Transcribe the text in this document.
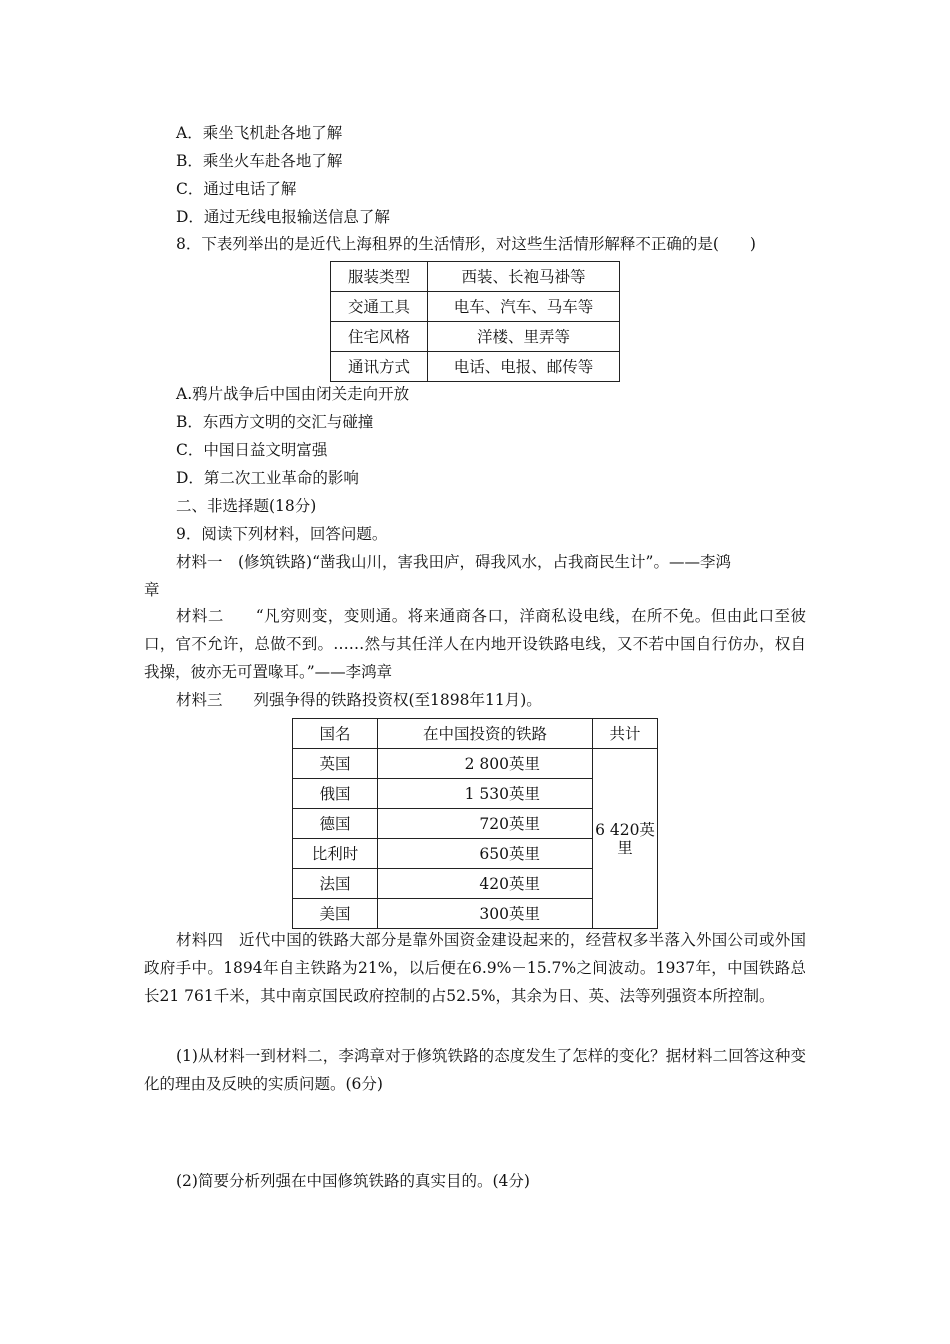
A．乘坐飞机赴各地了解
B．乘坐火车赴各地了解
C．通过电话了解
D．通过无线电报输送信息了解
8．下表列举出的是近代上海租界的生活情形，对这些生活情形解释不正确的是(　　)
服装类型	西装、长袍马褂等
交通工具	电车、汽车、马车等
住宅风格	洋楼、里弄等
通讯方式	电话、电报、邮传等
A.鸦片战争后中国由闭关走向开放
B．东西方文明的交汇与碰撞
C．中国日益文明富强
D．第二次工业革命的影响
二、非选择题(18分)
9．阅读下列材料，回答问题。
材料一　(修筑铁路)“凿我山川，害我田庐，碍我风水，占我商民生计”。——李鸿
章
材料二　　“凡穷则变，变则通。将来通商各口，洋商私设电线，在所不免。但由此口至彼口，官不允许，总做不到。……然与其任洋人在内地开设铁路电线，又不若中国自行仿办，权自我操，彼亦无可置喙耳。”——李鸿章
材料三　　列强争得的铁路投资权(至1898年11月)。
国名	在中国投资的铁路	共计
英国	2 800英里	6 420英里
俄国	1 530英里	
德国	720英里	
比利时	650英里	
法国	420英里	
美国	300英里	
材料四　近代中国的铁路大部分是靠外国资金建设起来的，经营权多半落入外国公司或外国政府手中。1894年自主铁路为21%，以后便在6.9%－15.7%之间波动。1937年，中国铁路总长21 761千米，其中南京国民政府控制的占52.5%，其余为日、英、法等列强资本所控制。
(1)从材料一到材料二，李鸿章对于修筑铁路的态度发生了怎样的变化？据材料二回答这种变化的理由及反映的实质问题。(6分)
(2)简要分析列强在中国修筑铁路的真实目的。(4分)
